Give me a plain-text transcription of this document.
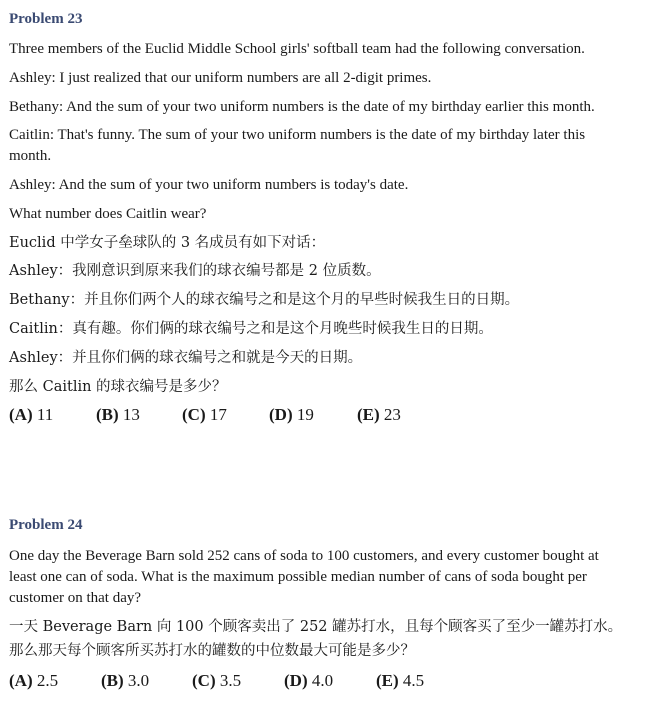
Problem 23
Three members of the Euclid Middle School girls' softball team had the following conversation.
Ashley: I just realized that our uniform numbers are all 2-digit primes.
Bethany: And the sum of your two uniform numbers is the date of my birthday earlier this month.
Caitlin: That's funny. The sum of your two uniform numbers is the date of my birthday later this
month.
Ashley: And the sum of your two uniform numbers is today's date.
What number does Caitlin wear?
Euclid 中学女子垒球队的 3 名成员有如下对话：
Ashley：我刚意识到原来我们的球衣编号都是 2 位质数。
Bethany：并且你们两个人的球衣编号之和是这个月的早些时候我生日的日期。
Caitlin：真有趣。你们俩的球衣编号之和是这个月晚些时候我生日的日期。
Ashley：并且你们俩的球衣编号之和就是今天的日期。
那么 Caitlin 的球衣编号是多少？
(A) 11	(B) 13 (C) 17 (D) 19	(E) 23
Problem 24
One day the Beverage Barn sold 252 cans of soda to 100 customers, and every customer bought at
least one can of soda. What is the maximum possible median number of cans of soda bought per
customer on that day?
一天 Beverage Barn 向 100 个顾客卖出了 252 罐苏打水，且每个顾客买了至少一罐苏打水。
那么那天每个顾客所买苏打水的罐数的中位数最大可能是多少？
(A) 2.5	(B) 3.0	(C) 3.5	(D) 4.0	(E) 4.5
